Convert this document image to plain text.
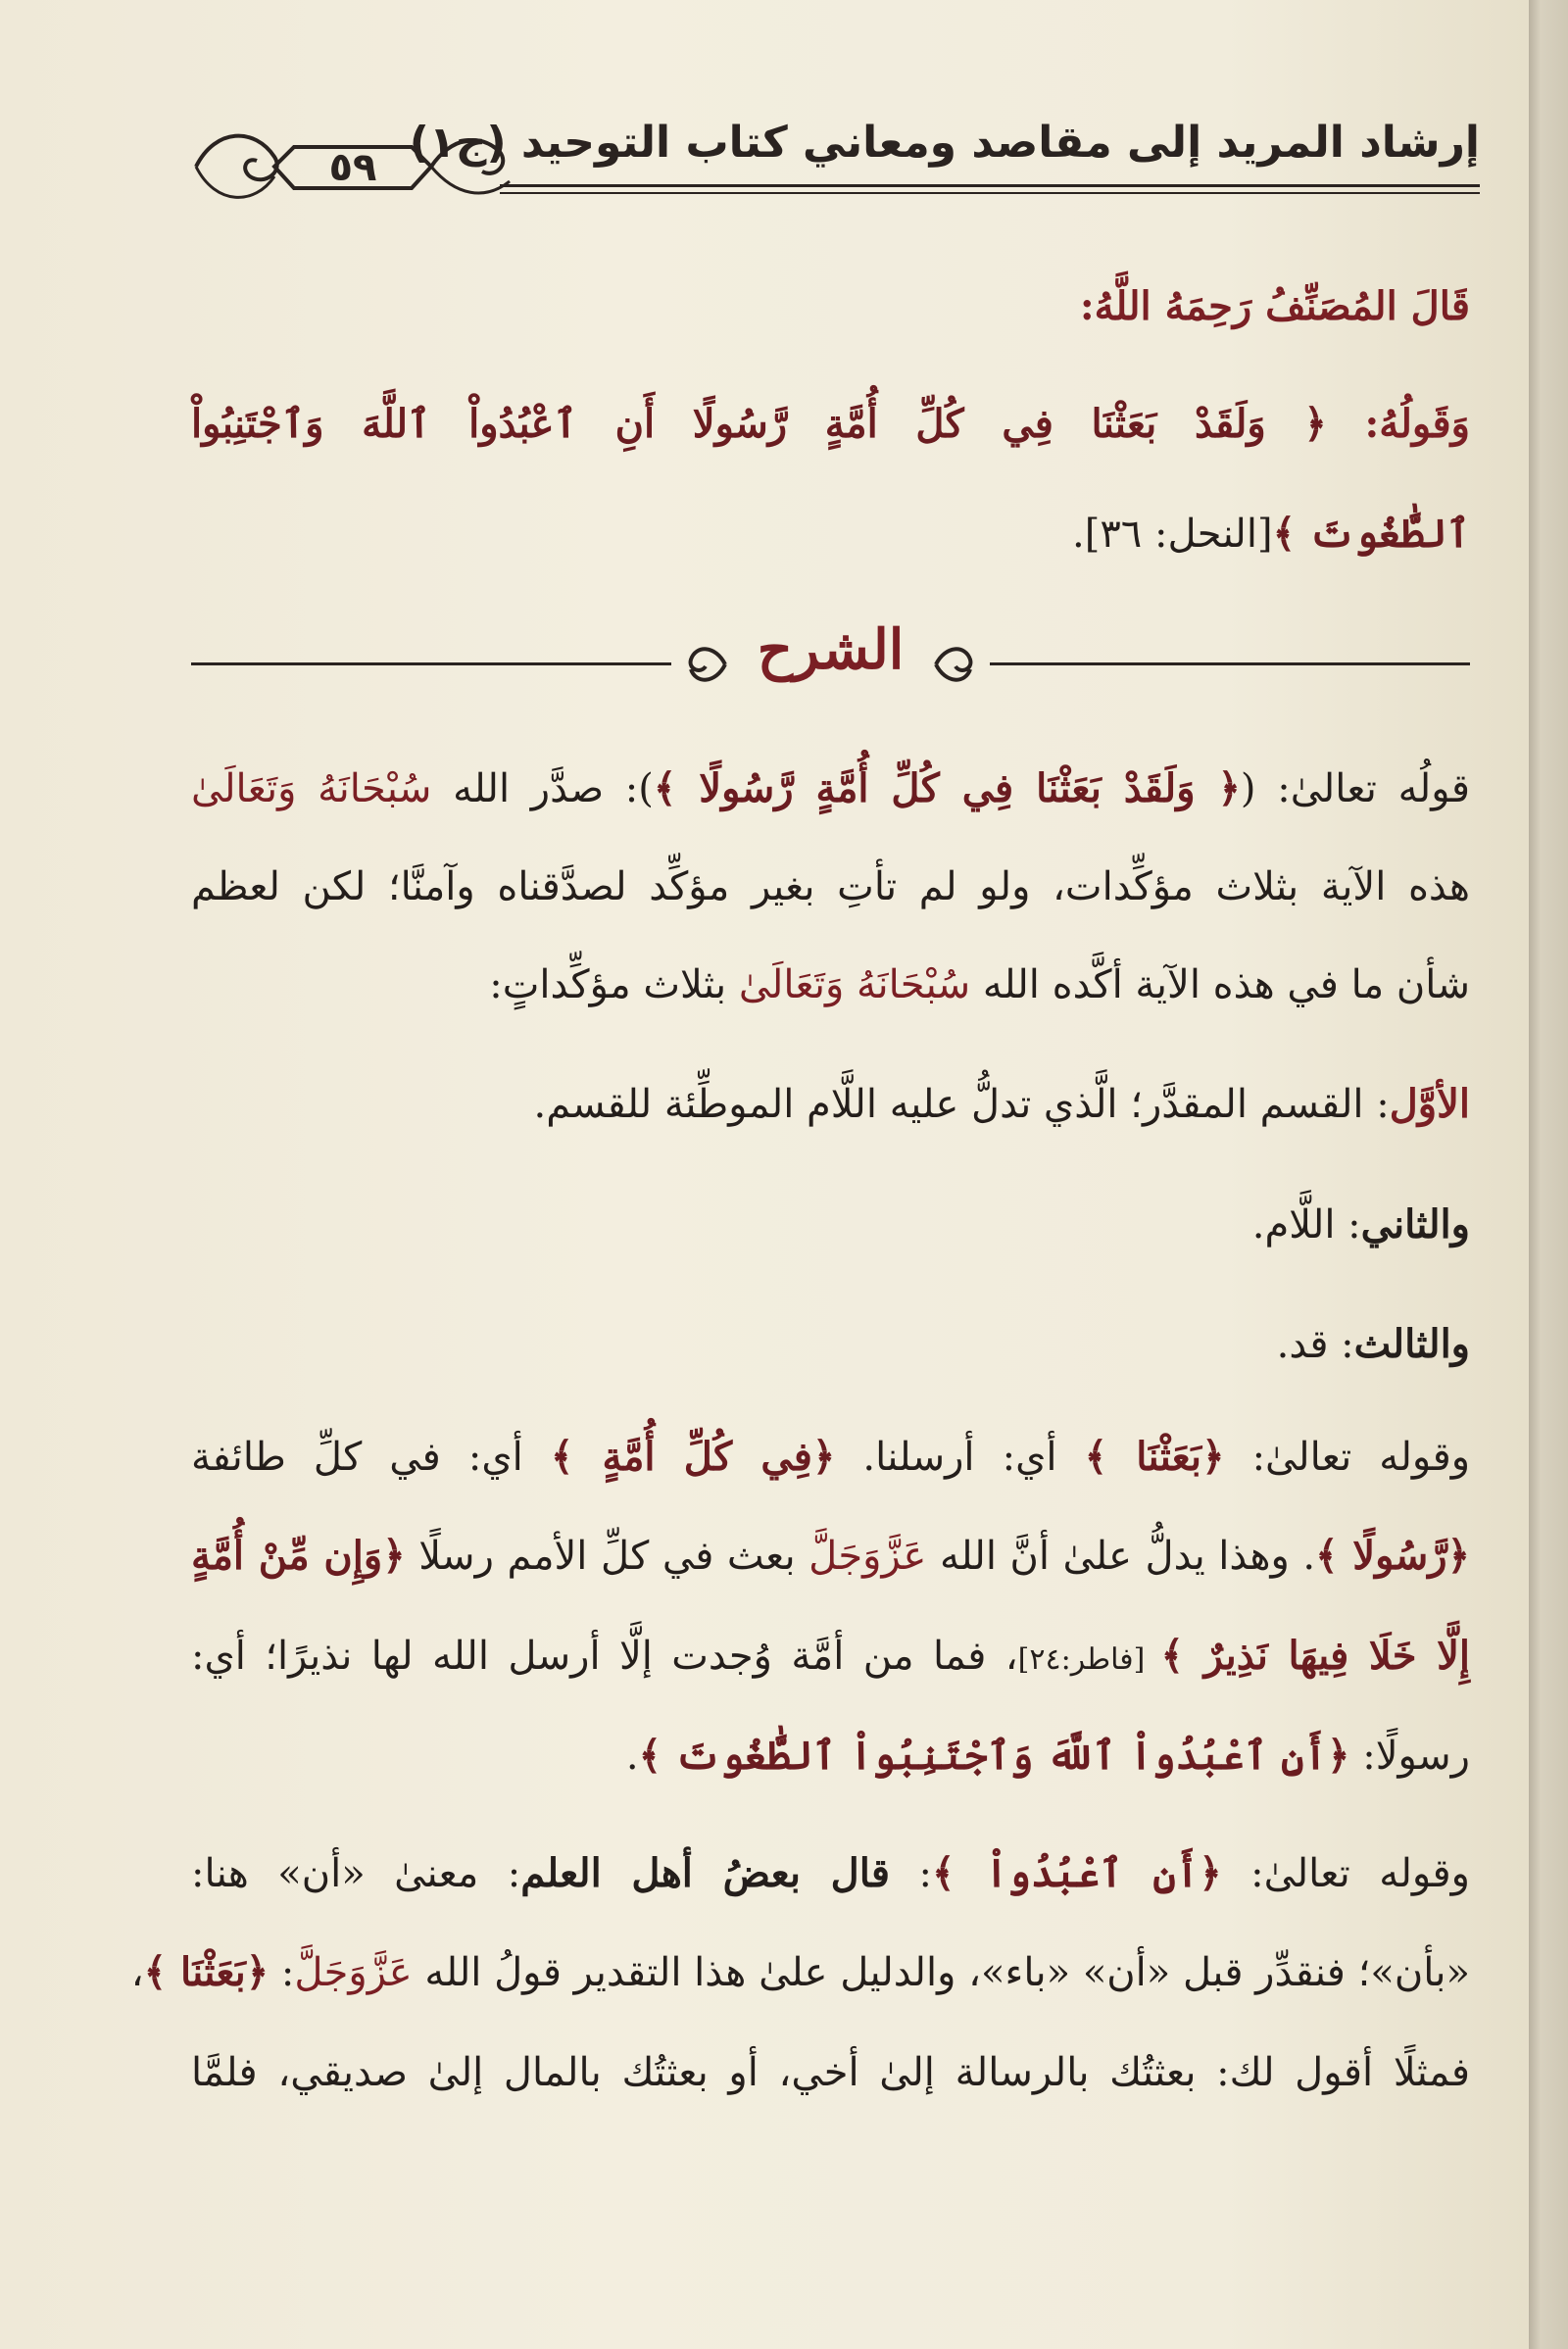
إرشاد المريد إلى مقاصد ومعاني كتاب التوحيد (ج١)
٥٩
قَالَ المُصَنِّفُ رَحِمَهُ اللَّهُ:
وَقَولُهُ: ﴿ وَلَقَدْ بَعَثْنَا فِي كُلِّ أُمَّةٍ رَّسُولًا أَنِ ٱعْبُدُواْ ٱللَّهَ وَٱجْتَنِبُواْ
ٱلطَّٰغُوتَ ﴾[النحل: ٣٦].
قولُه تعالىٰ: (﴿ وَلَقَدْ بَعَثْنَا فِي كُلِّ أُمَّةٍ رَّسُولًا ﴾): صدَّر الله سُبْحَانَهُ وَتَعَالَىٰ
هذه الآية بثلاث مؤكِّدات، ولو لم تأتِ بغير مؤكِّد لصدَّقناه وآمنَّا؛ لكن لعظم
شأن ما في هذه الآية أكَّده الله سُبْحَانَهُ وَتَعَالَىٰ بثلاث مؤكِّداتٍ:
الأوَّل: القسم المقدَّر؛ الَّذي تدلُّ عليه اللَّام الموطِّئة للقسم.
والثاني: اللَّام.
والثالث: قد.
وقوله تعالىٰ: ﴿بَعَثْنَا ﴾ أي: أرسلنا. ﴿فِي كُلِّ أُمَّةٍ ﴾ أي: في كلِّ طائفة
﴿رَّسُولًا ﴾. وهذا يدلُّ علىٰ أنَّ الله عَزَّوَجَلَّ بعث في كلِّ الأمم رسلًا ﴿وَإِن مِّنْ أُمَّةٍ
إِلَّا خَلَا فِيهَا نَذِيرٌ ﴾ [فاطر:٢٤]، فما من أمَّة وُجدت إلَّا أرسل الله لها نذيرًا؛ أي:
رسولًا: ﴿أَنِ ٱعْبُدُواْ ٱللَّهَ وَٱجْتَنِبُواْ ٱلطَّٰغُوتَ ﴾.
وقوله تعالىٰ: ﴿أَنِ ٱعْبُدُواْ ﴾: قال بعضُ أهل العلم: معنىٰ «أن» هنا:
«بأن»؛ فنقدِّر قبل «أن» «باء»، والدليل علىٰ هذا التقدير قولُ الله عَزَّوَجَلَّ: ﴿بَعَثْنَا ﴾،
فمثلًا أقول لك: بعثتُك بالرسالة إلىٰ أخي، أو بعثتُك بالمال إلىٰ صديقي، فلمَّا
الشرح
